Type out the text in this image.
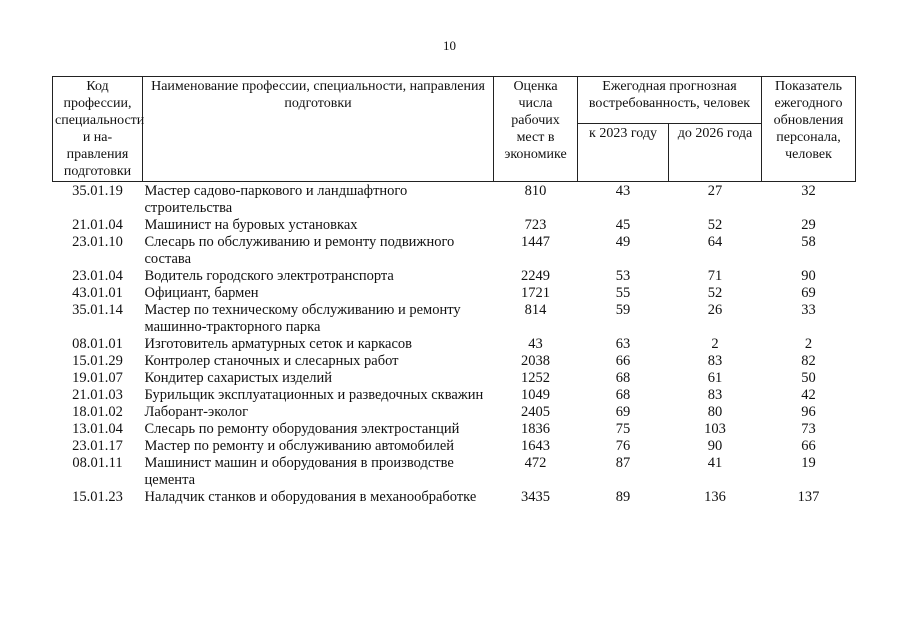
10
Код профессии, специальности и на-правления подготовки	Наименование профессии, специальности, направления подготовки	Оценка числа рабочих мест в экономике	Ежегодная прогнозная востребованность, человек		Показатель ежегодного обновления персонала, человек
			к 2023 году	до 2026 года	
35.01.19	Мастер садово-паркового и ландшафтного строительства	810	43	27	32
21.01.04	Машинист на буровых установках	723	45	52	29
23.01.10	Слесарь по обслуживанию и ремонту подвижного состава	1447	49	64	58
23.01.04	Водитель городского электротранспорта	2249	53	71	90
43.01.01	Официант, бармен	1721	55	52	69
35.01.14	Мастер по техническому обслуживанию и ремонту машинно-тракторного парка	814	59	26	33
08.01.01	Изготовитель арматурных сеток и каркасов	43	63	2	2
15.01.29	Контролер станочных и слесарных работ	2038	66	83	82
19.01.07	Кондитер сахаристых изделий	1252	68	61	50
21.01.03	Бурильщик эксплуатационных и разведочных скважин	1049	68	83	42
18.01.02	Лаборант-эколог	2405	69	80	96
13.01.04	Слесарь по ремонту оборудования электростанций	1836	75	103	73
23.01.17	Мастер по ремонту и обслуживанию автомобилей	1643	76	90	66
08.01.11	Машинист машин и оборудования в производстве цемента	472	87	41	19
15.01.23	Наладчик станков и оборудования в механообработке	3435	89	136	137
